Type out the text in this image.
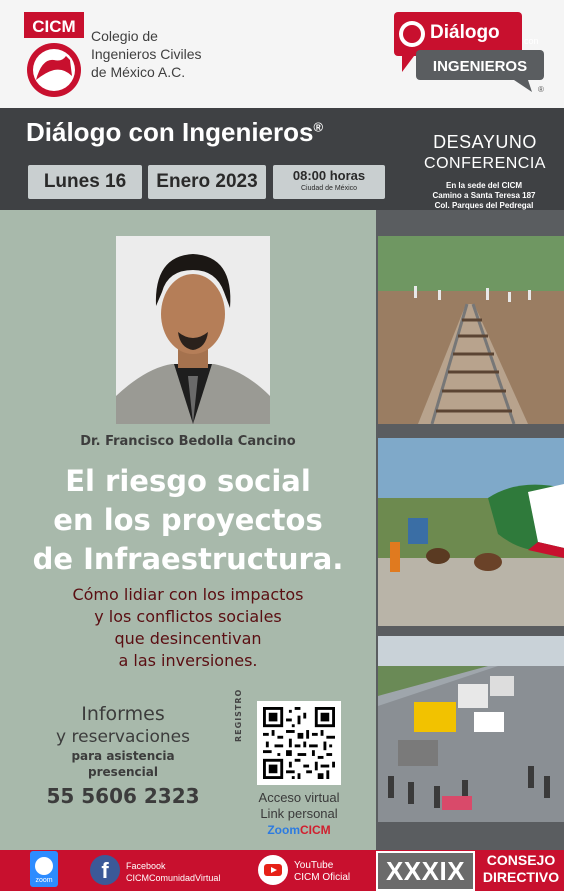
CICM Colegio de
Ingenieros Civiles
de México A.C.
Diálogo	con
INGENIEROS
®
Diálogo con Ingenieros®
Lunes 16	Enero 2023	08:00 horas
Ciudad de México
DESAYUNO
CONFERENCIA
En la sede del CICM
Camino a Santa Teresa 187
Col. Parques del Pedregal
Dr. Francisco Bedolla Cancino
El riesgo social
en los proyectos
de Infraestructura.
Cómo lidiar con los impactos
y los conflictos sociales
que desincentivan
a las inversiones.
Informes
y reservaciones
para asistencia
presencial
55 5606 2323
REGISTRO
Acceso virtual
Link personal
ZoomCICM
zoom	f	Facebook
CICMComunidadVirtual
YouTube
CICM Oficial	XXXIX	CONSEJO
DIRECTIVO
